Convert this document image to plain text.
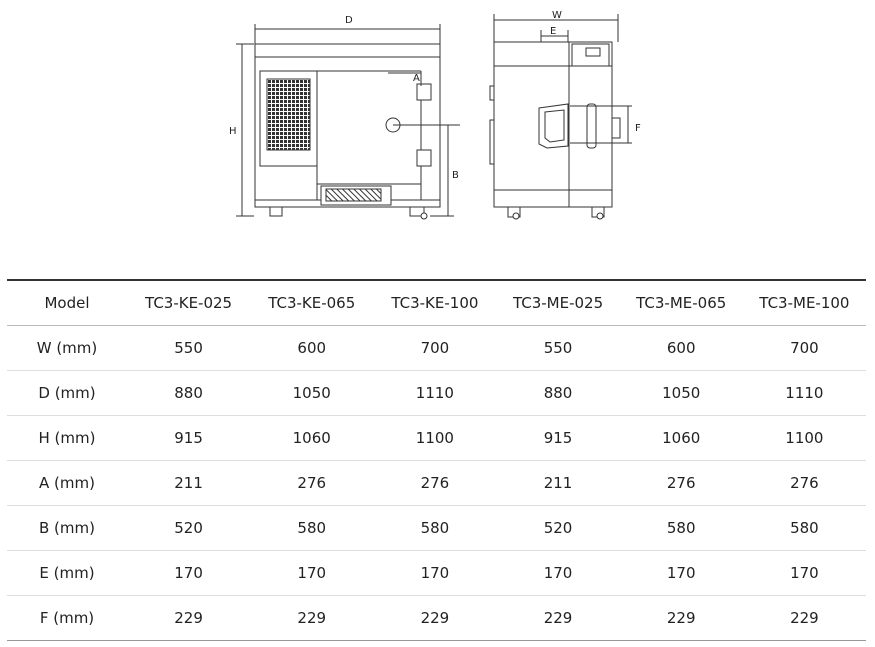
D
H
A
B
W
E
F
Model	TC3-KE-025	TC3-KE-065	TC3-KE-100	TC3-ME-025	TC3-ME-065	TC3-ME-100
W (mm)	550	600	700	550	600	700
D (mm)	880	1050	1110	880	1050	1110
H (mm)	915	1060	1100	915	1060	1100
A (mm)	211	276	276	211	276	276
B (mm)	520	580	580	520	580	580
E (mm)	170	170	170	170	170	170
F (mm)	229	229	229	229	229	229
